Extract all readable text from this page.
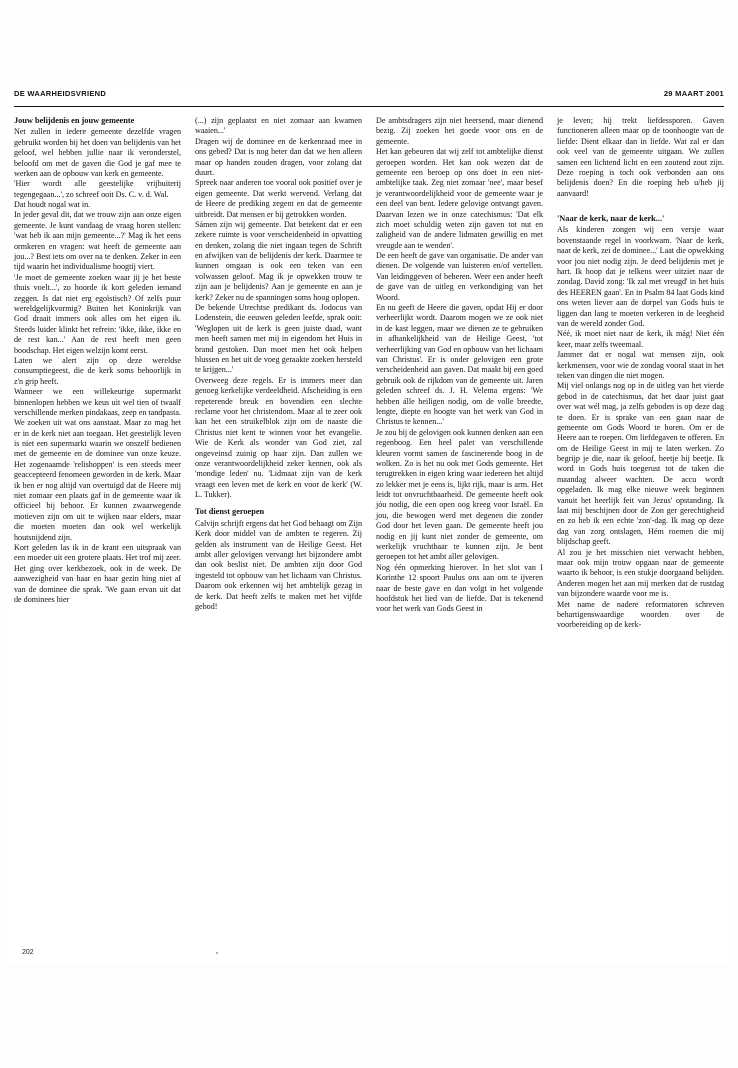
DE WAARHEIDSVRIEND	29 MAART 2001
Jouw belijdenis en jouw gemeente

Net zullen in iedere gemeente dezelfde vragen gebruikt worden bij het doen van belijdenis van het geloof, wel hebben jullie naar ik veronderstel, beloofd om met de gaven die God je gaf mee te werken aan de opbouw van kerk en gemeente.

'Hier wordt alle geestelijke vrijbuiterij tegengegaan...', zo schreef ooit Ds. C. v. d. Wal.

Dat houdt nogal wat in.

In jeder geval dit, dat we trouw zijn aan onze eigen gemeente. Je kunt vandaag de vraag horen stellen: 'wat heb ik aan mijn gemeente...?' Mag ik het eens ormkeren en vragen: wat heeft de gemeente aan jou...? Best iets om over na te denken. Zeker in een tijd waarin het individualisme hoogtij viert.

'Je moet de gemeente zoeken waar jij je het beste thuis voelt...', zo hoorde ik kort geleden iemand zeggen. Is dat niet erg egoïstisch? Of zelfs puur wereldgelijkvormig? Buiten het Koninkrijk van God draait immers ook alles om het eigen ik. Steeds luider klinkt het refrein: 'ikke, ikke, ikke en de rest kan...' Aan de rest heeft men geen boodschap. Het eigen welzijn komt eerst.

Laten we alert zijn op deze wereldse consumptiegeest, die de kerk soms behoorlijk in z'n grip heeft.

Wanneer we een willekeurige supermarkt binnenlopen hebben we keus uit wel tien of twaalf verschillende merken pindakaas, zeep en tandpasta. We zoeken uit wat ons aanstaat. Maar zo mag het er in de kerk niet aan toegaan. Het geestelijk leven is niet een supermarkt waarin we onszelf bedienen met de gemeente en de dominee van onze keuze. Het zogenaamde 'relishoppen' is een steeds meer geaccepteerd fenomeen geworden in de kerk. Maar ik ben er nog altijd van overtuigd dat de Heere mij niet zomaar een plaats gaf in de gemeente waar ik officieel bij behoor. Er kunnen zwaarwegende motieven zijn om uit te wijken naar elders, maar die moeten moeten dan ook wel werkelijk houtsnijdend zijn.

Kort geleden las ik in de krant een uitspraak van een moeder uit een grotere plaats. Het trof mij zeer. Het ging over kerkbezoek, ook in de week. De aanwezigheid van haar en haar gezin hing niet af van de dominee die sprak. 'We gaan ervan uit dat de dominees hier

(...) zijn geplaatst en niet zomaar aan kwamen waaien...'

Dragen wij de dominee en de kerkenraad mee in ons gebed? Dat is nog beter dan dat we hen alleen maar op handen zouden dragen, voor zolang dat duurt.

Spreek naar anderen toe vooral ook positief over je eigen gemeente. Dat werkt wervend. Verlang dat de Heere de prediking zegent en dat de gemeente uitbreidt. Dat mensen er bij getrokken worden.

Sámen zijn wij gemeente. Dat betekent dat er een zekere ruimte is voor verscheidenheid in opvatting en denken, zolang die niet ingaan tegen de Schrift en afwijken van de belijdenis der kerk. Daarmee te kunnen omgaan is ook een teken van een volwassen geloof. Mag ik je opwekken trouw te zijn aan je belijdenis? Aan je gemeente en aan je kerk? Zeker nu de spanningen soms hoog oplopen.

De bekende Utrechtse predikant ds. Jodocus van Lodenstein, die eeuwen geleden leefde, sprak ooit: 'Weglopen uit de kerk is geen juiste daad, want men heeft samen met mij in eigendom het Huis in brand gestoken. Dan moet men het ook helpen blussen en het uit de voeg geraakte zoeken hersteld te krijgen...'

Overweeg deze regels. Er is immers meer dan genoeg kerkelijke verdeeldheid. Afscheiding is een repeterende breuk en bovendien een slechte reclame voor het christendom. Maar al te zeer ook kan het een struikelblok zijn om de naaste die Christus niet kent te winnen voor het evangelie. Wie de Kerk als wonder van God ziet, zal ongeveinsd zuinig op haar zijn. Dan zullen we onze verantwoordelijkheid zeker kennen, ook als 'mondige leden' nu. 'Lidmaat zijn van de kerk vraagt een leven met de kerk en voor de kerk' (W. L. Tukker).

Tot dienst geroepen

Calvijn schrijft ergens dat het God behaagt om Zijn Kerk door middel van de ambten te regeren. Zij gelden als instrument van de Heilige Geest. Het ambt aller gelovigen vervangt het bijzondere ambt dan ook beslist niet. De ambten zijn door God ingesteld tot opbouw van het lichaam van Christus. Daarom ook erkennen wij het ambtelijk gezag in de kerk. Dat heeft zelfs te maken met het vijfde gebod!

De ambtsdragers zijn niet heersend, maar dienend bezig. Zij zoeken het goede voor ons en de gemeente.

Het kan gebeuren dat wij zelf tot ambtelijke dienst geroepen worden. Het kan ook wezen dat de gemeente een beroep op ons doet in een niet-ambtelijke taak. Zeg niet zomaar 'nee', maar besef je verantwoordelijkheid voor de gemeente waar je een deel van bent. Iedere gelovige ontvangt gaven. Daarvan lezen we in onze catechismus: 'Dat elk zich moet schuldig weten zijn gaven tot nut en zaligheid van de andere lidmaten gewillig en met vreugde aan te wenden'.

De een heeft de gave van organisatie. De ander van dienen. De volgende van luisteren en/of vertellen. Van leidinggeven of beheren. Weer een ander heeft de gave van de uitleg en verkondiging van het Woord.

En nu geeft de Heere die gaven, opdat Hij er door verheerlijkt wordt. Daarom mogen we ze ook niet in de kast leggen, maar we dienen ze te gebruiken in afhankelijkheid van de Heilige Geest, 'tot verheerlijking van God en opbouw van het lichaam van Christus'. Er is onder gelovigen een grote verscheidenheid aan gaven. Dat maakt bij een goed gebruik ook de rijkdom van de gemeente uit. Jaren geleden schreef ds. J. H. Velema ergens: 'We hebben álle heiligen nodig, om de volle breedte, lengte, diepte en hoogte van het werk van God in Christus te kennen...'

Je zou bij de gelovigen ook kunnen denken aan een regenboog. Een heel palet van verschillende kleuren vormt samen de fascinerende boog in de wolken. Zo is het nu ook met Gods gemeente. Het terugtrekken in eigen kring waar iedereen het altijd zo lekker met je eens is, lijkt rijk, maar is arm. Het leidt tot onvruchtbaarheid. De gemeente heeft ook jóu nodig, die een open oog kreeg voor Israël. En jou, die bewogen werd met degenen die zonder God door het leven gaan. De gemeente heeft jou nodig en jij kunt niet zonder de gemeente, om werkelijk vruchtbaar te kunnen zijn. Je bent geroepen tot het ambt aller gelovigen.

Nog één opmerking hierover. In het slot van I Korinthe 12 spoort Paulus ons aan om te ijveren naar de beste gave en dan volgt in het volgende hoofdstuk het lied van de liefde. Dat is tekenend voor het werk van Gods Geest in

je leven; hij trekt liefdessporen. Gaven functioneren alleen maar op de toonhoogte van de liefde: Dient elkaar dan in liefde. Wat zal er dan ook veel van de gemeente uitgaan. We zullen samen een lichtend licht en een zoutend zout zijn. Deze roeping is toch ook verbonden aan ons belijdenis doen? En die roeping heb u/heb jij aanvaard!

'Naar de kerk, naar de kerk...'

Als kinderen zongen wij een versje waar bovenstaande regel in voorkwam. 'Naar de kerk, naar de kerk, zei de dominee...' Laat die opwekking voor jou niet nodig zijn. Je deed belijdenis met je hart. Ik hoop dat je telkens weer uitziet naar de zondag. David zong: 'Ik zal met vreugd' in het huis des HEEREN gaan'. En in Psalm 84 laat Gods kind ons weten liever aan de dorpel van Gods huis te liggen dan lang te moeten verkeren in de leegheid van de wereld zonder God.

Néé, ik moet niet naar de kerk, ik mág! Niet één keer, maar zelfs tweemaal.

Jammer dat er nogal wat mensen zijn, ook kerkmensen, voor wie de zondag vooral staat in het teken van dingen die niet mogen.

Mij viel onlangs nog op in de uitleg van het vierde gebod in de catechismus, dat het daar juist gaat over wat wél mag, ja zelfs geboden is op deze dag te doen. Er is sprake van een gaan naar de gemeente om Gods Woord te horen. Om er de Heere aan te roepen. Om liefdegaven te offeren. En om de Heilige Geest in mij te laten werken. Zo begrijp je die, naar ik geloof, beetje bij beetje. Ik word in Gods huis toegerust tot de taken die maandag alweer wachten. De accu wordt opgeladen. Ik mag elke nieuwe week beginnen vanuit het heerlijk feit van Jezus' opstanding. Ik laat mij beschijnen door de Zon ger gerechtigheid en zo heb ik een echte 'zon'-dag. Ik mag op deze dag van zorg ontslagen, Hém roemen die mij blijdschap geeft.

Al zou je het misschien niet verwacht hebben, maar ook mijn trouw opgaan naar de gemeente waarto ik behoor, is een stukje doorgaand belijden. Anderen mogen het aan mij merken dat de rustdag van bijzondere waarde voor me is.

Met name de nadere reformatoren schreven behartigenswaardige woorden over de voorbereiding op de kerk-

202
